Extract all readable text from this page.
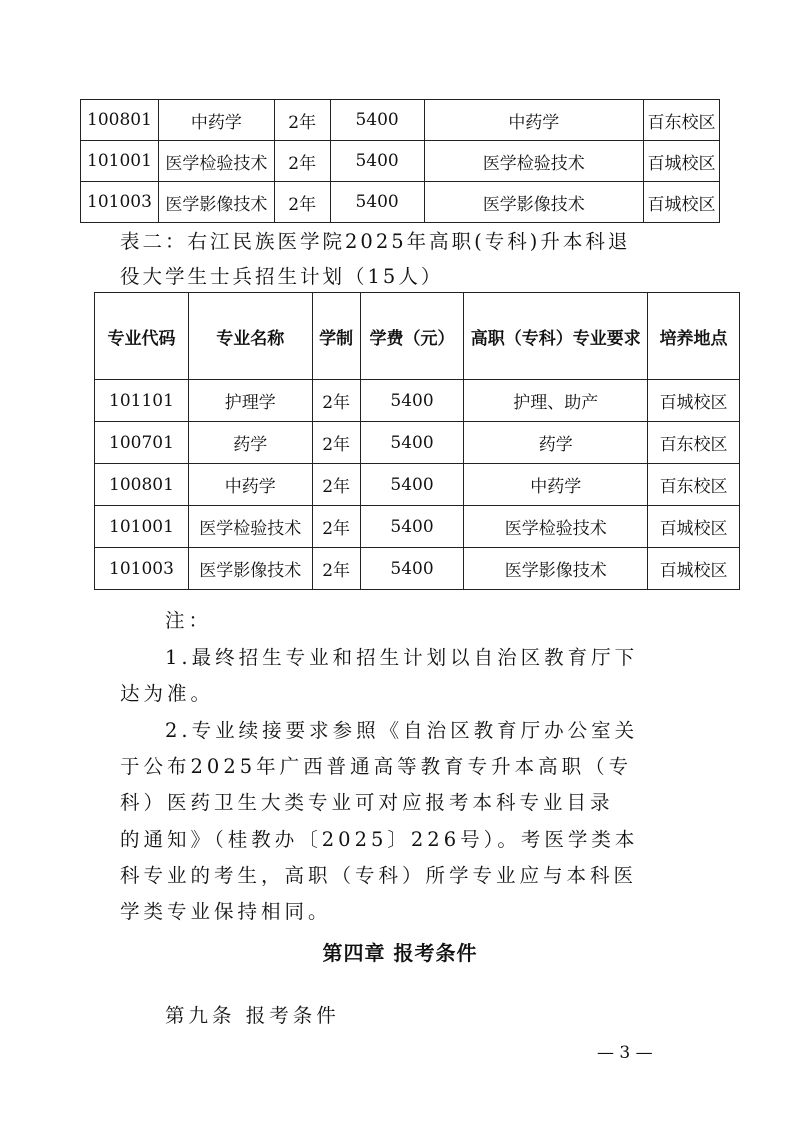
100801	中药学	2年	5400	中药学	百东校区
101001	医学检验技术	2年	5400	医学检验技术	百城校区
101003	医学影像技术	2年	5400	医学影像技术	百城校区
表二：右江民族医学院2025年高职(专科)升本科退
役大学生士兵招生计划（15人）
专业代码	专业名称	学制	学费（元）	高职（专科）专业要求	培养地点
101101	护理学	2年	5400	护理、助产	百城校区
100701	药学	2年	5400	药学	百东校区
100801	中药学	2年	5400	中药学	百东校区
101001	医学检验技术	2年	5400	医学检验技术	百城校区
101003	医学影像技术	2年	5400	医学影像技术	百城校区
注：
1.最终招生专业和招生计划以自治区教育厅下
达为准。
2.专业续接要求参照《自治区教育厅办公室关
于公布2025年广西普通高等教育专升本高职（专
科）医药卫生大类专业可对应报考本科专业目录
的通知》（桂教办〔2025〕226号）。考医学类本
科专业的考生，高职（专科）所学专业应与本科医
学类专业保持相同。
第四章 报考条件
第九条 报考条件
— 3 —
